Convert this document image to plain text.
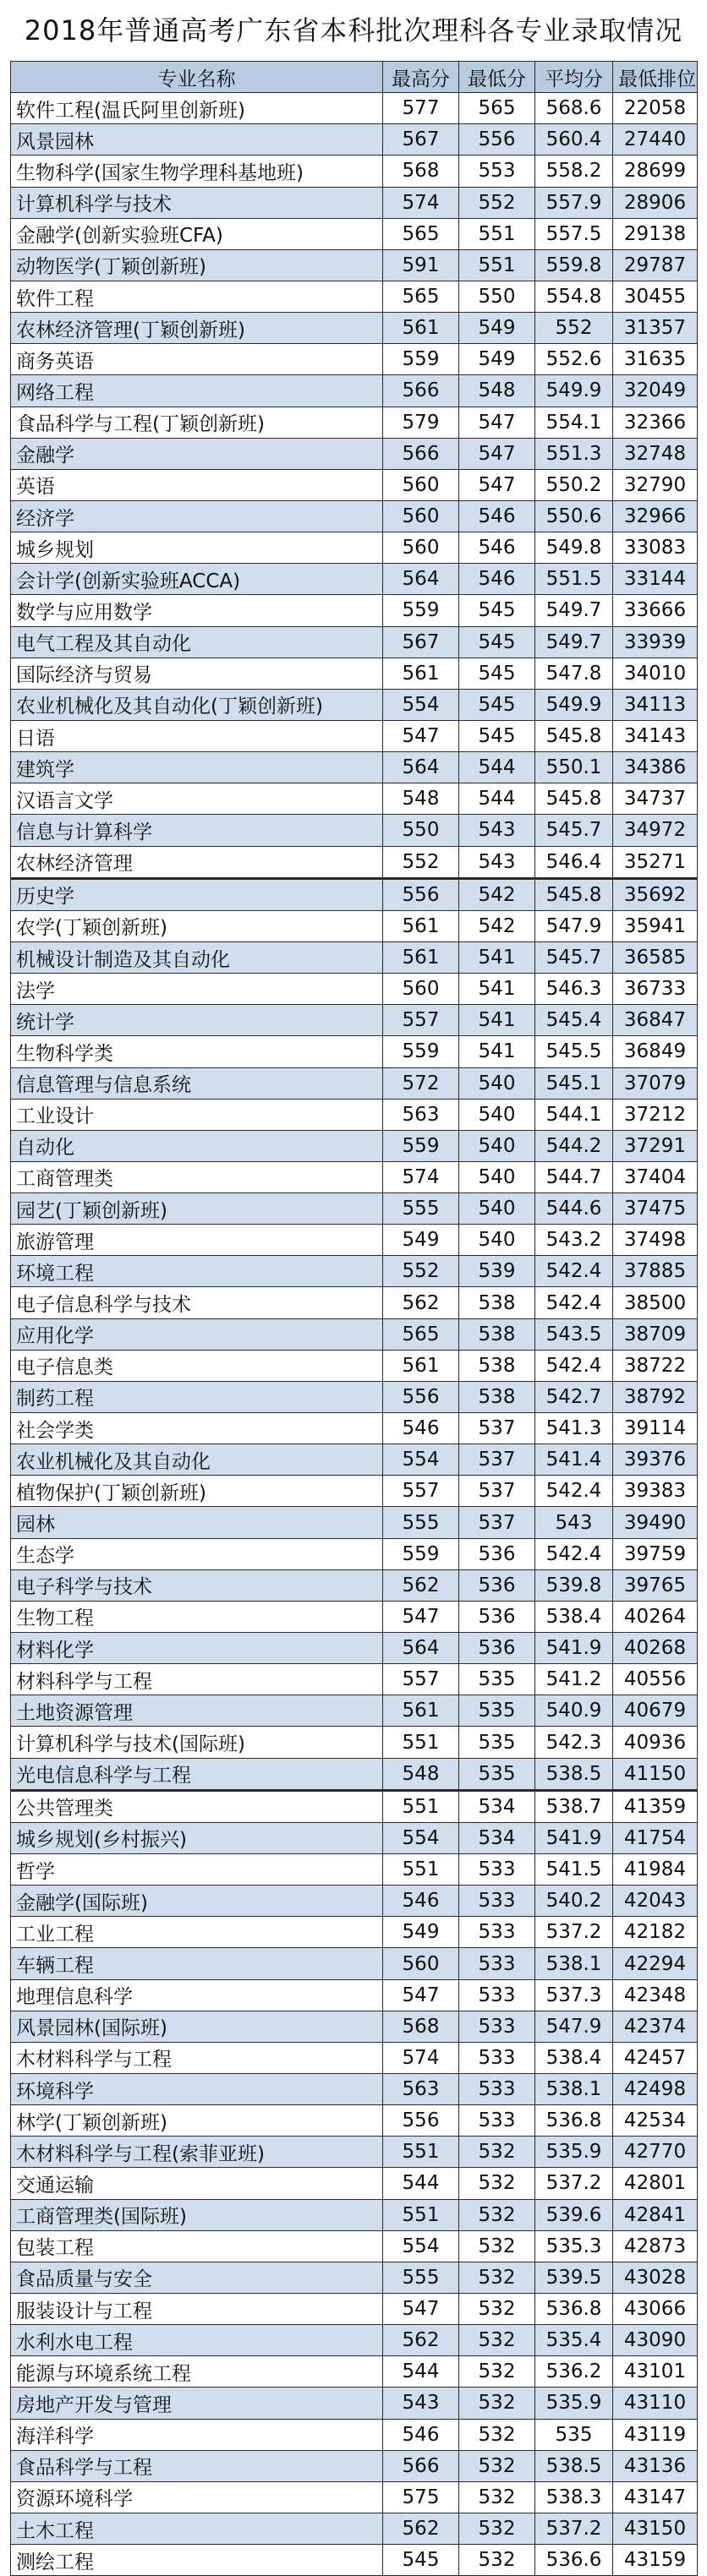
2018年普通高考广东省本科批次理科各专业录取情况
专业名称	最高分	最低分	平均分	最低排位
软件工程(温氏阿里创新班)	577	565	568.6	22058
风景园林	567	556	560.4	27440
生物科学(国家生物学理科基地班)	568	553	558.2	28699
计算机科学与技术	574	552	557.9	28906
金融学(创新实验班CFA)	565	551	557.5	29138
动物医学(丁颖创新班)	591	551	559.8	29787
软件工程	565	550	554.8	30455
农林经济管理(丁颖创新班)	561	549	552	31357
商务英语	559	549	552.6	31635
网络工程	566	548	549.9	32049
食品科学与工程(丁颖创新班)	579	547	554.1	32366
金融学	566	547	551.3	32748
英语	560	547	550.2	32790
经济学	560	546	550.6	32966
城乡规划	560	546	549.8	33083
会计学(创新实验班ACCA)	564	546	551.5	33144
数学与应用数学	559	545	549.7	33666
电气工程及其自动化	567	545	549.7	33939
国际经济与贸易	561	545	547.8	34010
农业机械化及其自动化(丁颖创新班)	554	545	549.9	34113
日语	547	545	545.8	34143
建筑学	564	544	550.1	34386
汉语言文学	548	544	545.8	34737
信息与计算科学	550	543	545.7	34972
农林经济管理	552	543	546.4	35271
历史学	556	542	545.8	35692
农学(丁颖创新班)	561	542	547.9	35941
机械设计制造及其自动化	561	541	545.7	36585
法学	560	541	546.3	36733
统计学	557	541	545.4	36847
生物科学类	559	541	545.5	36849
信息管理与信息系统	572	540	545.1	37079
工业设计	563	540	544.1	37212
自动化	559	540	544.2	37291
工商管理类	574	540	544.7	37404
园艺(丁颖创新班)	555	540	544.6	37475
旅游管理	549	540	543.2	37498
环境工程	552	539	542.4	37885
电子信息科学与技术	562	538	542.4	38500
应用化学	565	538	543.5	38709
电子信息类	561	538	542.4	38722
制药工程	556	538	542.7	38792
社会学类	546	537	541.3	39114
农业机械化及其自动化	554	537	541.4	39376
植物保护(丁颖创新班)	557	537	542.4	39383
园林	555	537	543	39490
生态学	559	536	542.4	39759
电子科学与技术	562	536	539.8	39765
生物工程	547	536	538.4	40264
材料化学	564	536	541.9	40268
材料科学与工程	557	535	541.2	40556
土地资源管理	561	535	540.9	40679
计算机科学与技术(国际班)	551	535	542.3	40936
光电信息科学与工程	548	535	538.5	41150
公共管理类	551	534	538.7	41359
城乡规划(乡村振兴)	554	534	541.9	41754
哲学	551	533	541.5	41984
金融学(国际班)	546	533	540.2	42043
工业工程	549	533	537.2	42182
车辆工程	560	533	538.1	42294
地理信息科学	547	533	537.3	42348
风景园林(国际班)	568	533	547.9	42374
木材料科学与工程	574	533	538.4	42457
环境科学	563	533	538.1	42498
林学(丁颖创新班)	556	533	536.8	42534
木材料科学与工程(索菲亚班)	551	532	535.9	42770
交通运输	544	532	537.2	42801
工商管理类(国际班)	551	532	539.6	42841
包装工程	554	532	535.3	42873
食品质量与安全	555	532	539.5	43028
服装设计与工程	547	532	536.8	43066
水利水电工程	562	532	535.4	43090
能源与环境系统工程	544	532	536.2	43101
房地产开发与管理	543	532	535.9	43110
海洋科学	546	532	535	43119
食品科学与工程	566	532	538.5	43136
资源环境科学	575	532	538.3	43147
土木工程	562	532	537.2	43150
测绘工程	545	532	536.6	43159
